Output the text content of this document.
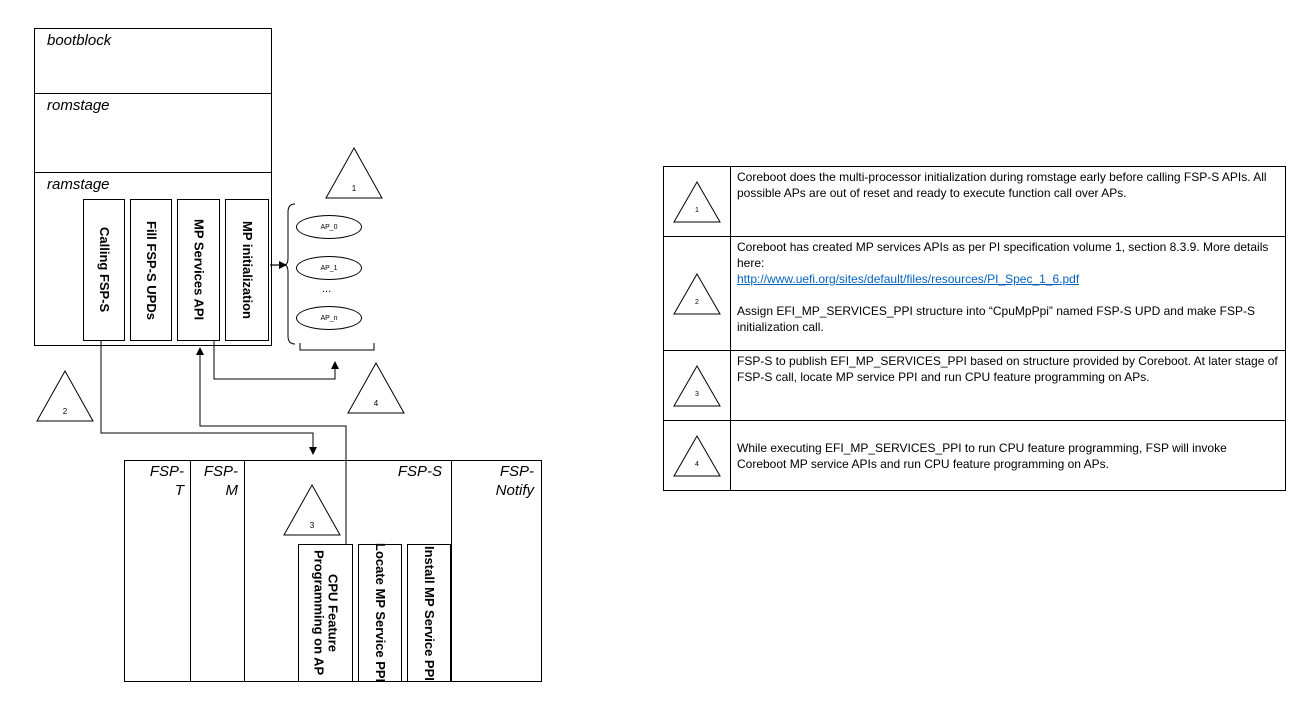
bootblock
romstage
ramstage
Calling FSP-S Fill FSP-S UPDs	MP Services API	MP initialization	AP_0
AP_1
...
AP_n
FSP-
T
FSP-
M
FSP-S	FSP-
Notify
CPU Feature
Programming on AP	Locate MP Service PPI	Install MP Service PPI
1
2
3
4
1	Coreboot does the multi-processor initialization during romstage early before calling FSP-S APIs. All possible APs are out of reset and ready to execute function call over APs.

2	Coreboot has created MP services APIs as per PI specification volume 1, section 8.3.9. More details here:
http://www.uefi.org/sites/default/files/resources/PI_Spec_1_6.pdf
Assign EFI_MP_SERVICES_PPI structure into “CpuMpPpi” named FSP-S UPD and make FSP-S initialization call.

3	FSP-S to publish EFI_MP_SERVICES_PPI based on structure provided by Coreboot. At later stage of FSP-S call, locate MP service PPI and run CPU feature programming on APs.

4	While executing EFI_MP_SERVICES_PPI to run CPU feature programming, FSP will invoke Coreboot MP service APIs and run CPU feature programming on APs.
